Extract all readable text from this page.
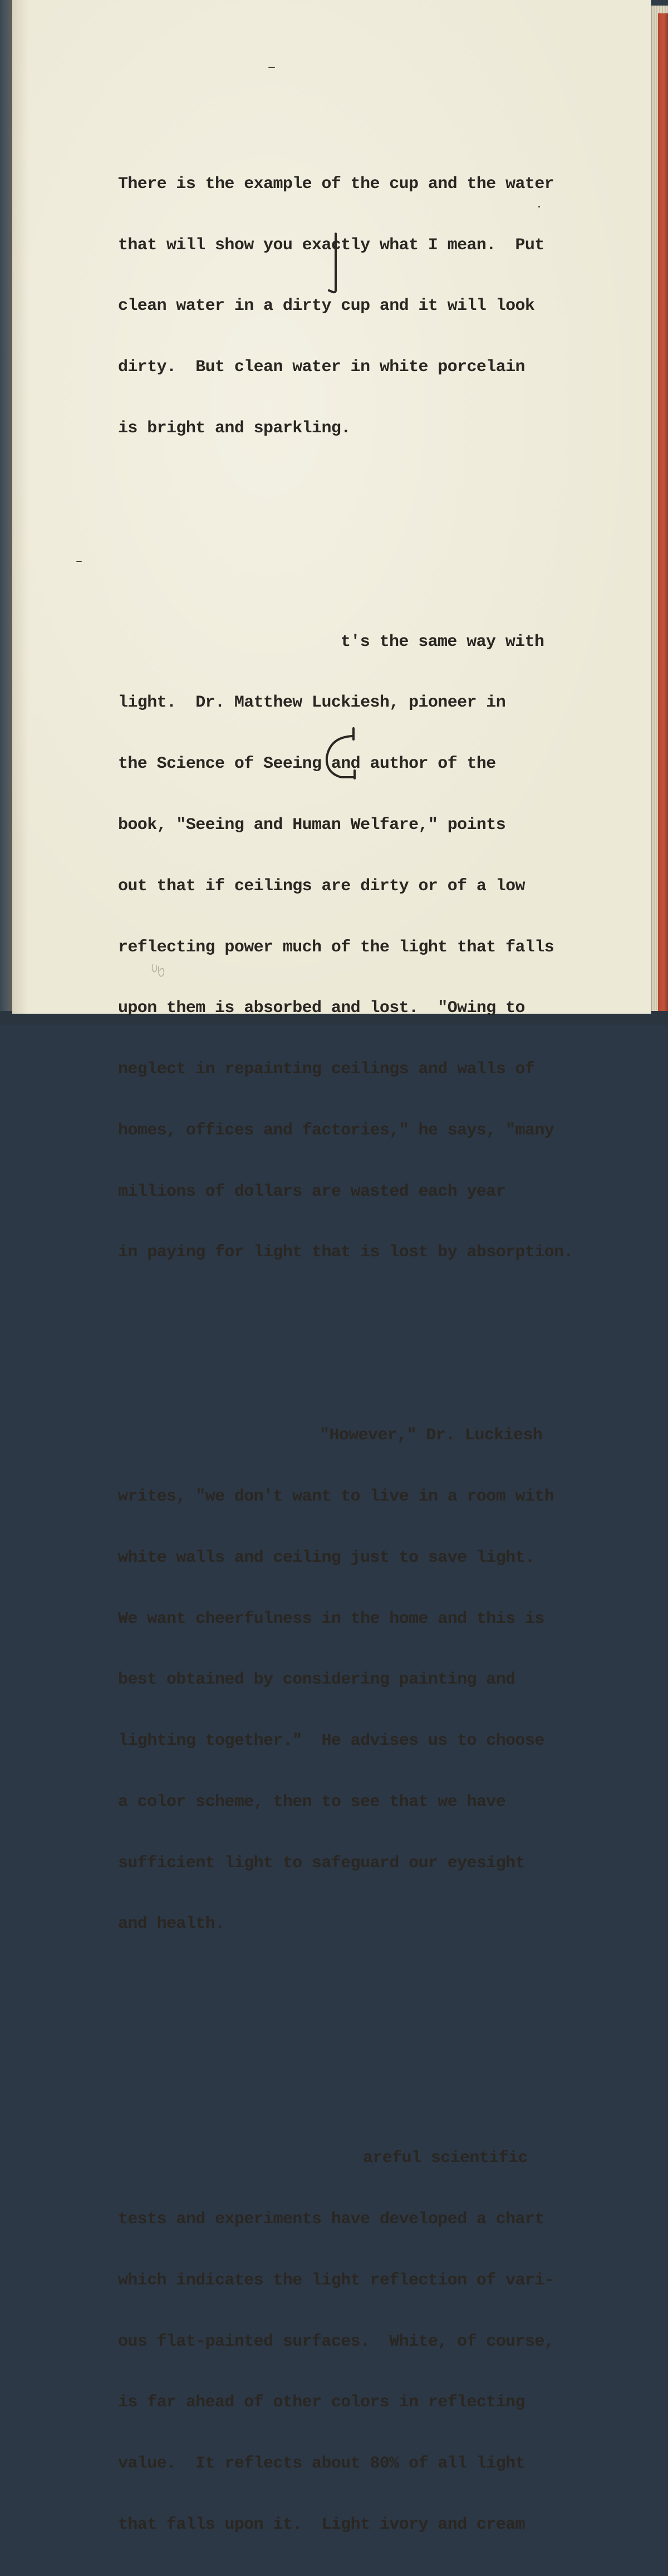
There is the example of the cup and the water

that will show you exactly what I mean.  Put

clean water in a dirty cup and it will look

dirty.  But clean water in white porcelain

is bright and sparkling.

t's the same way with

light.  Dr. Matthew Luckiesh, pioneer in

the Science of Seeing and author of the

book, "Seeing and Human Welfare," points

out that if ceilings are dirty or of a low

reflecting power much of the light that falls

upon them is absorbed and lost.  "Owing to

neglect in repainting ceilings and walls of

homes, offices and factories," he says, "many

millions of dollars are wasted each year

in paying for light that is lost by absorption.

"However," Dr. Luckiesh

writes, "we don't want to live in a room with

white walls and ceiling just to save light.

We want cheerfulness in the home and this is

best obtained by considering painting and

lighting together."  He advises us to choose

a color scheme, then to see that we have

sufficient light to safeguard our eyesight

and health.

areful scientific

tests and experiments have developed a chart

which indicates the light reflection of vari-

ous flat-painted surfaces.  White, of course,

is far ahead of other colors in reflecting

value.  It reflects about 80% of all light

that falls upon it.  Light ivory and cream
